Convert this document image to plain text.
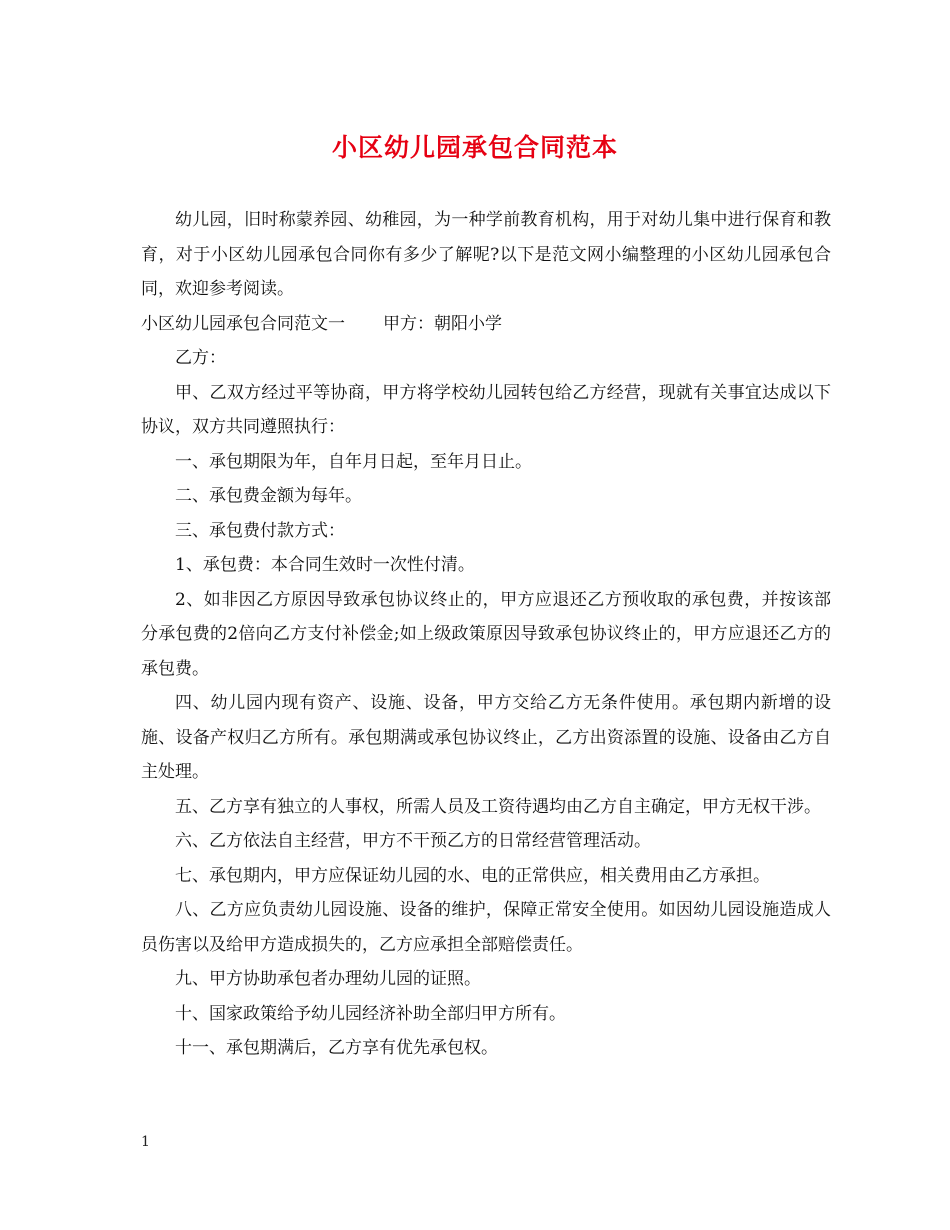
小区幼儿园承包合同范本

幼儿园，旧时称蒙养园、幼稚园，为一种学前教育机构，用于对幼儿集中进行保育和教育，对于小区幼儿园承包合同你有多少了解呢?以下是范文网小编整理的小区幼儿园承包合同，欢迎参考阅读。

小区幼儿园承包合同范文一 甲方：朝阳小学

乙方：

甲、乙双方经过平等协商，甲方将学校幼儿园转包给乙方经营，现就有关事宜达成以下协议，双方共同遵照执行：

一、承包期限为年，自年月日起，至年月日止。

二、承包费金额为每年。

三、承包费付款方式：

1、承包费：本合同生效时一次性付清。

2、如非因乙方原因导致承包协议终止的，甲方应退还乙方预收取的承包费，并按该部分承包费的2倍向乙方支付补偿金;如上级政策原因导致承包协议终止的，甲方应退还乙方的承包费。

四、幼儿园内现有资产、设施、设备，甲方交给乙方无条件使用。承包期内新增的设施、设备产权归乙方所有。承包期满或承包协议终止，乙方出资添置的设施、设备由乙方自主处理。

五、乙方享有独立的人事权，所需人员及工资待遇均由乙方自主确定，甲方无权干涉。

六、乙方依法自主经营，甲方不干预乙方的日常经营管理活动。

七、承包期内，甲方应保证幼儿园的水、电的正常供应，相关费用由乙方承担。

八、乙方应负责幼儿园设施、设备的维护，保障正常安全使用。如因幼儿园设施造成人员伤害以及给甲方造成损失的，乙方应承担全部赔偿责任。

九、甲方协助承包者办理幼儿园的证照。

十、国家政策给予幼儿园经济补助全部归甲方所有。

十一、承包期满后，乙方享有优先承包权。

1
